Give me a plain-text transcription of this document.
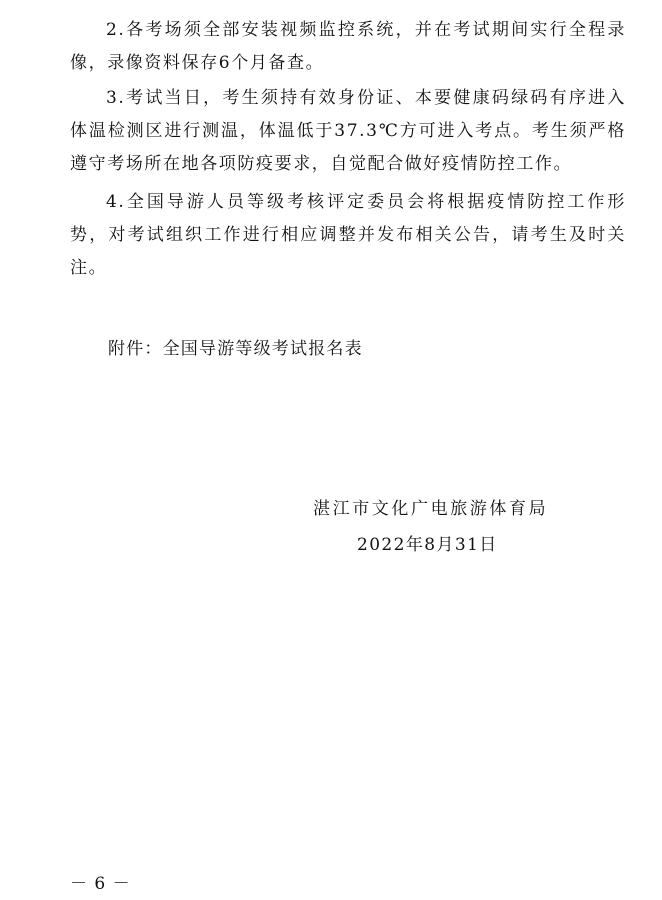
2.各考场须全部安装视频监控系统，并在考试期间实行全程录像，录像资料保存6个月备查。

3.考试当日，考生须持有效身份证、本要健康码绿码有序进入体温检测区进行测温，体温低于37.3℃方可进入考点。考生须严格遵守考场所在地各项防疫要求，自觉配合做好疫情防控工作。

4.全国导游人员等级考核评定委员会将根据疫情防控工作形势，对考试组织工作进行相应调整并发布相关公告，请考生及时关注。

附件：全国导游等级考试报名表
湛江市文化广电旅游体育局
2022年8月31日
－ 6 －
